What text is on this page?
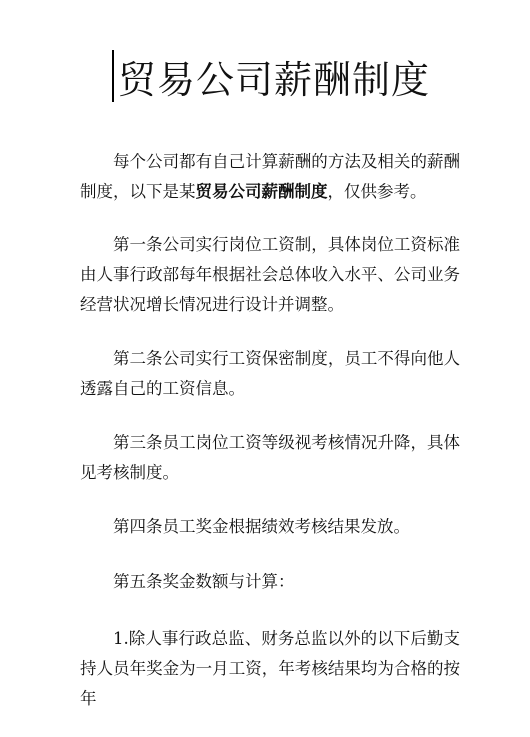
贸易公司薪酬制度

每个公司都有自己计算薪酬的方法及相关的薪酬制度，以下是某贸易公司薪酬制度，仅供参考。

第一条公司实行岗位工资制，具体岗位工资标准由人事行政部每年根据社会总体收入水平、公司业务经营状况增长情况进行设计并调整。

第二条公司实行工资保密制度，员工不得向他人透露自己的工资信息。

第三条员工岗位工资等级视考核情况升降，具体见考核制度。

第四条员工奖金根据绩效考核结果发放。

第五条奖金数额与计算：

1.除人事行政总监、财务总监以外的以下后勤支持人员年奖金为一月工资，年考核结果均为合格的按年
